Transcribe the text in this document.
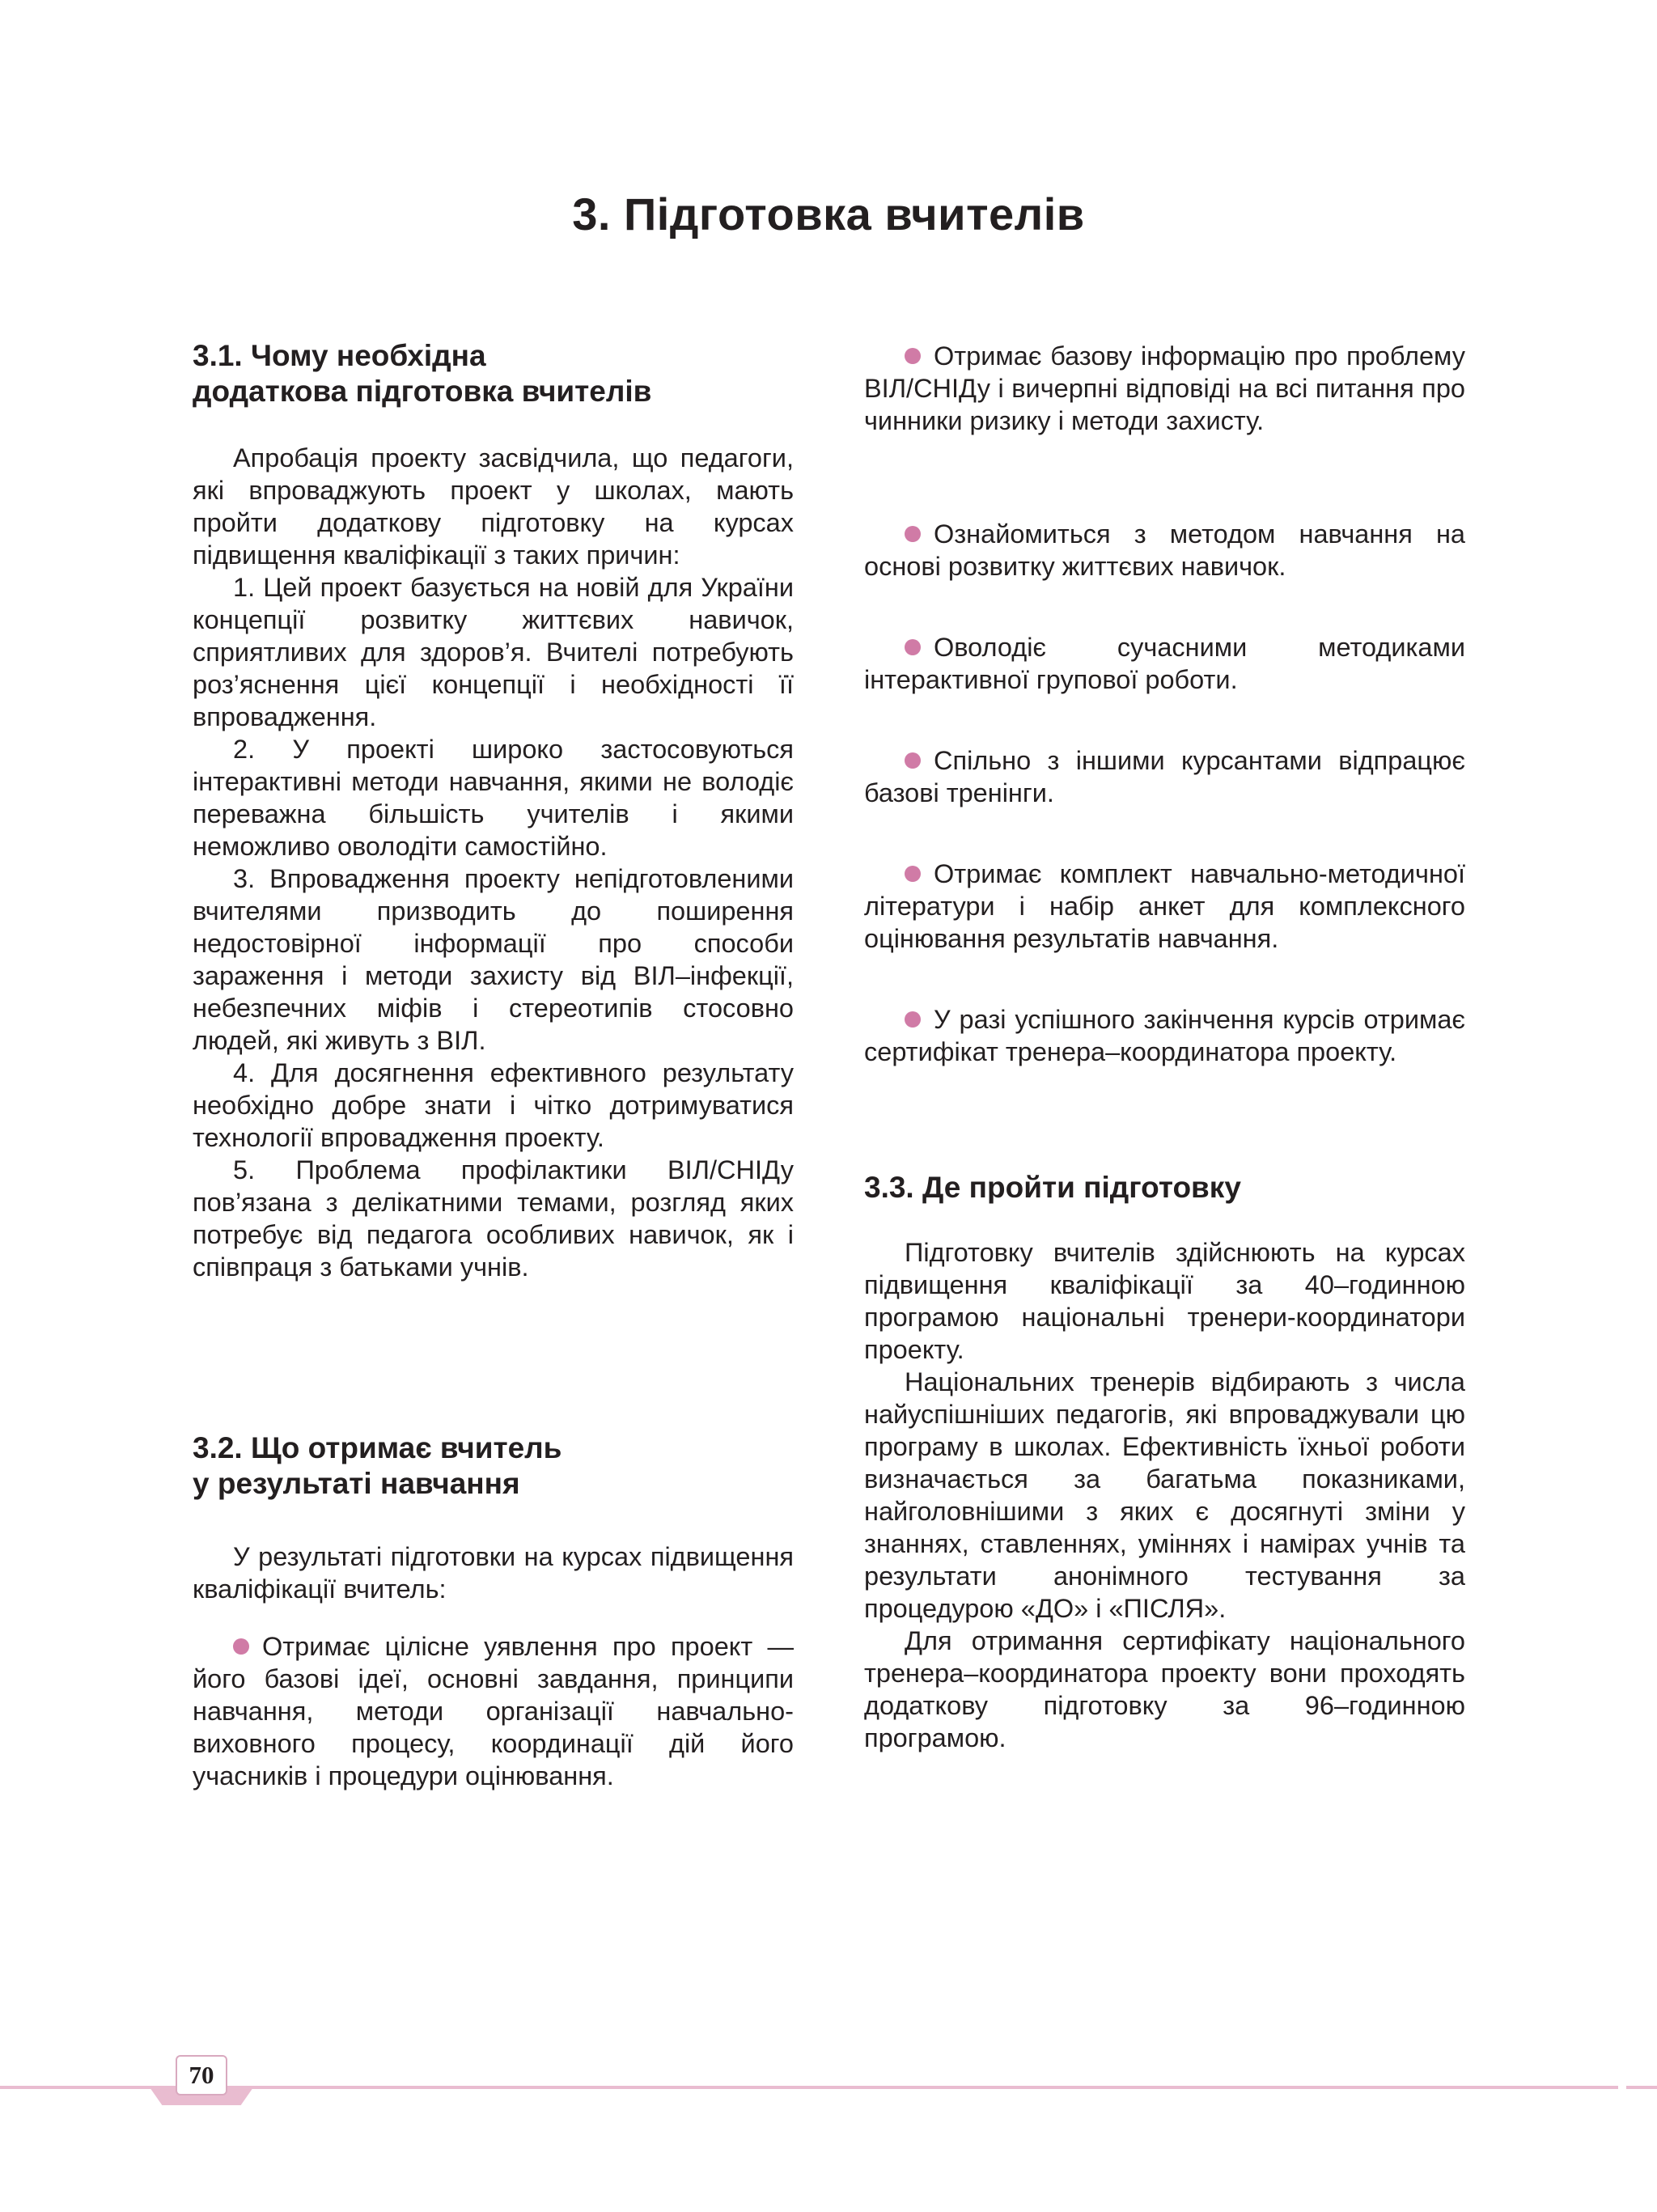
3. Підготовка вчителів
3.1. Чому необхідна
додаткова підготовка вчителів

Апробація проекту засвідчила, що педагоги, які впроваджують проект у школах, мають пройти додаткову підготовку на курсах підвищення кваліфікації з таких причин:

1. Цей проект базується на новій для України концепції розвитку життєвих навичок, сприятливих для здоров’я. Вчителі потребують роз’яснення цієї концепції і необхідності її впровадження.

2. У проекті широко застосовуються інтерактивні методи навчання, якими не володіє переважна більшість учителів і якими неможливо оволодіти самостійно.

3. Впровадження проекту непідготовленими вчителями призводить до поширення недостовірної інформації про способи зараження і методи захисту від ВІЛ–інфекції, небезпечних міфів і стереотипів стосовно людей, які живуть з ВІЛ.

4. Для досягнення ефективного результату необхідно добре знати і чітко дотримуватися технології впровадження проекту.

5. Проблема профілактики ВІЛ/СНІДу пов’язана з делікатними темами, розгляд яких потребує від педагога особливих навичок, як і співпраця з батьками учнів.

3.2. Що отримає вчитель
у результаті навчання

У результаті підготовки на курсах підвищення кваліфікації вчитель:

Отримає цілісне уявлення про проект — його базові ідеї, основні завдання, принципи навчання, методи організації навчально-виховного процесу, координації дій його учасників і процедури оцінювання.

Отримає базову інформацію про проблему ВІЛ/СНІДу і вичерпні відповіді на всі питання про чинники ризику і методи захисту.

Ознайомиться з методом навчання на основі розвитку життєвих навичок.

Оволодіє сучасними методиками інтерактивної групової роботи.

Спільно з іншими курсантами відпрацює базові тренінги.

Отримає комплект навчально-методичної літератури і набір анкет для комплексного оцінювання результатів навчання.

У разі успішного закінчення курсів отримає сертифікат тренера–координатора проекту.

3.3. Де пройти підготовку

Підготовку вчителів здійснюють на курсах підвищення кваліфікації за 40–годинною програмою національні тренери-координатори проекту.

Національних тренерів відбирають з числа найуспішніших педагогів, які впроваджували цю програму в школах. Ефективність їхньої роботи визначається за багатьма показниками, найголовнішими з яких є досягнуті зміни у знаннях, ставленнях, уміннях і намірах учнів та результати анонімного тестування за процедурою «ДО» і «ПІСЛЯ».

Для отримання сертифікату національного тренера–координатора проекту вони проходять додаткову підготовку за 96–годинною програмою.

70
